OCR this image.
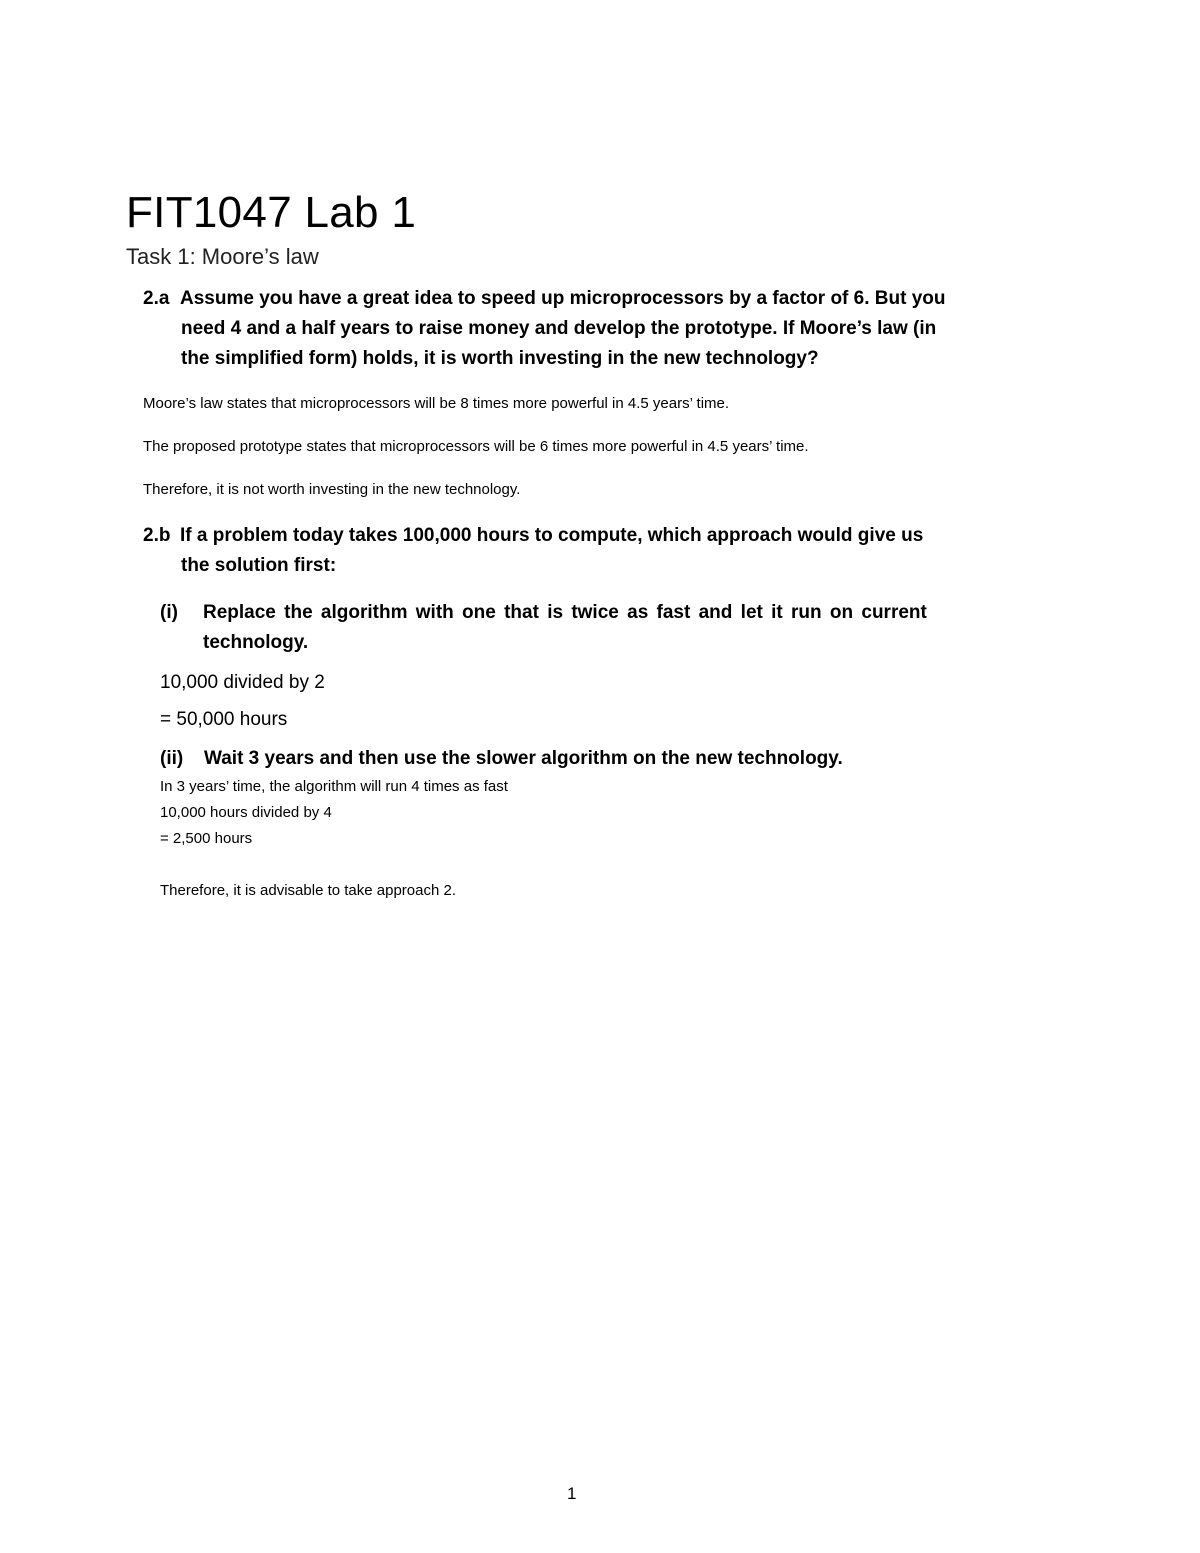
FIT1047 Lab 1
Task 1: Moore’s law
2.a Assume you have a great idea to speed up microprocessors by a factor of 6. But you
need 4 and a half years to raise money and develop the prototype. If Moore’s law (in
the simplified form) holds, it is worth investing in the new technology?
Moore’s law states that microprocessors will be 8 times more powerful in 4.5 years’ time.
The proposed prototype states that microprocessors will be 6 times more powerful in 4.5 years’ time.
Therefore, it is not worth investing in the new technology.
2.b If a problem today takes 100,000 hours to compute, which approach would give us
the solution first:
(i) Replace the algorithm with one that is twice as fast and let it run on current
technology.
10,000 divided by 2
= 50,000 hours
(ii) Wait 3 years and then use the slower algorithm on the new technology.
In 3 years’ time, the algorithm will run 4 times as fast
10,000 hours divided by 4
= 2,500 hours
Therefore, it is advisable to take approach 2.
1
